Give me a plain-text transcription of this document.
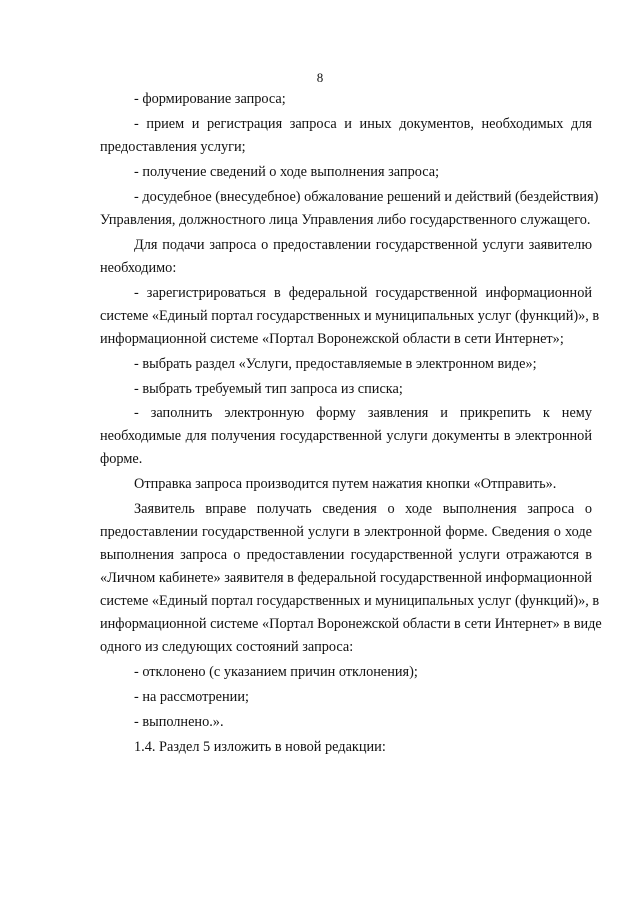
8
- формирование запроса;
- прием и регистрация запроса и иных документов, необходимых для
предоставления услуги;
- получение сведений о ходе выполнения запроса;
- досудебное (внесудебное) обжалование решений и действий (бездействия)
Управления, должностного лица Управления либо государственного служащего.
Для подачи запроса о предоставлении государственной услуги заявителю
необходимо:
- зарегистрироваться в федеральной государственной информационной
системе «Единый портал государственных и муниципальных услуг (функций)», в
информационной системе «Портал Воронежской области в сети Интернет»;
- выбрать раздел «Услуги, предоставляемые в электронном виде»;
- выбрать требуемый тип запроса из списка;
- заполнить электронную форму заявления и прикрепить к нему
необходимые для получения государственной услуги документы в электронной
форме.
Отправка запроса производится путем нажатия кнопки «Отправить».
Заявитель вправе получать сведения о ходе выполнения запроса о
предоставлении государственной услуги в электронной форме. Сведения о ходе
выполнения запроса о предоставлении государственной услуги отражаются в
«Личном кабинете» заявителя в федеральной государственной информационной
системе «Единый портал государственных и муниципальных услуг (функций)», в
информационной системе «Портал Воронежской области в сети Интернет» в виде
одного из следующих состояний запроса:
- отклонено (с указанием причин отклонения);
- на рассмотрении;
- выполнено.».
1.4. Раздел 5 изложить в новой редакции:
